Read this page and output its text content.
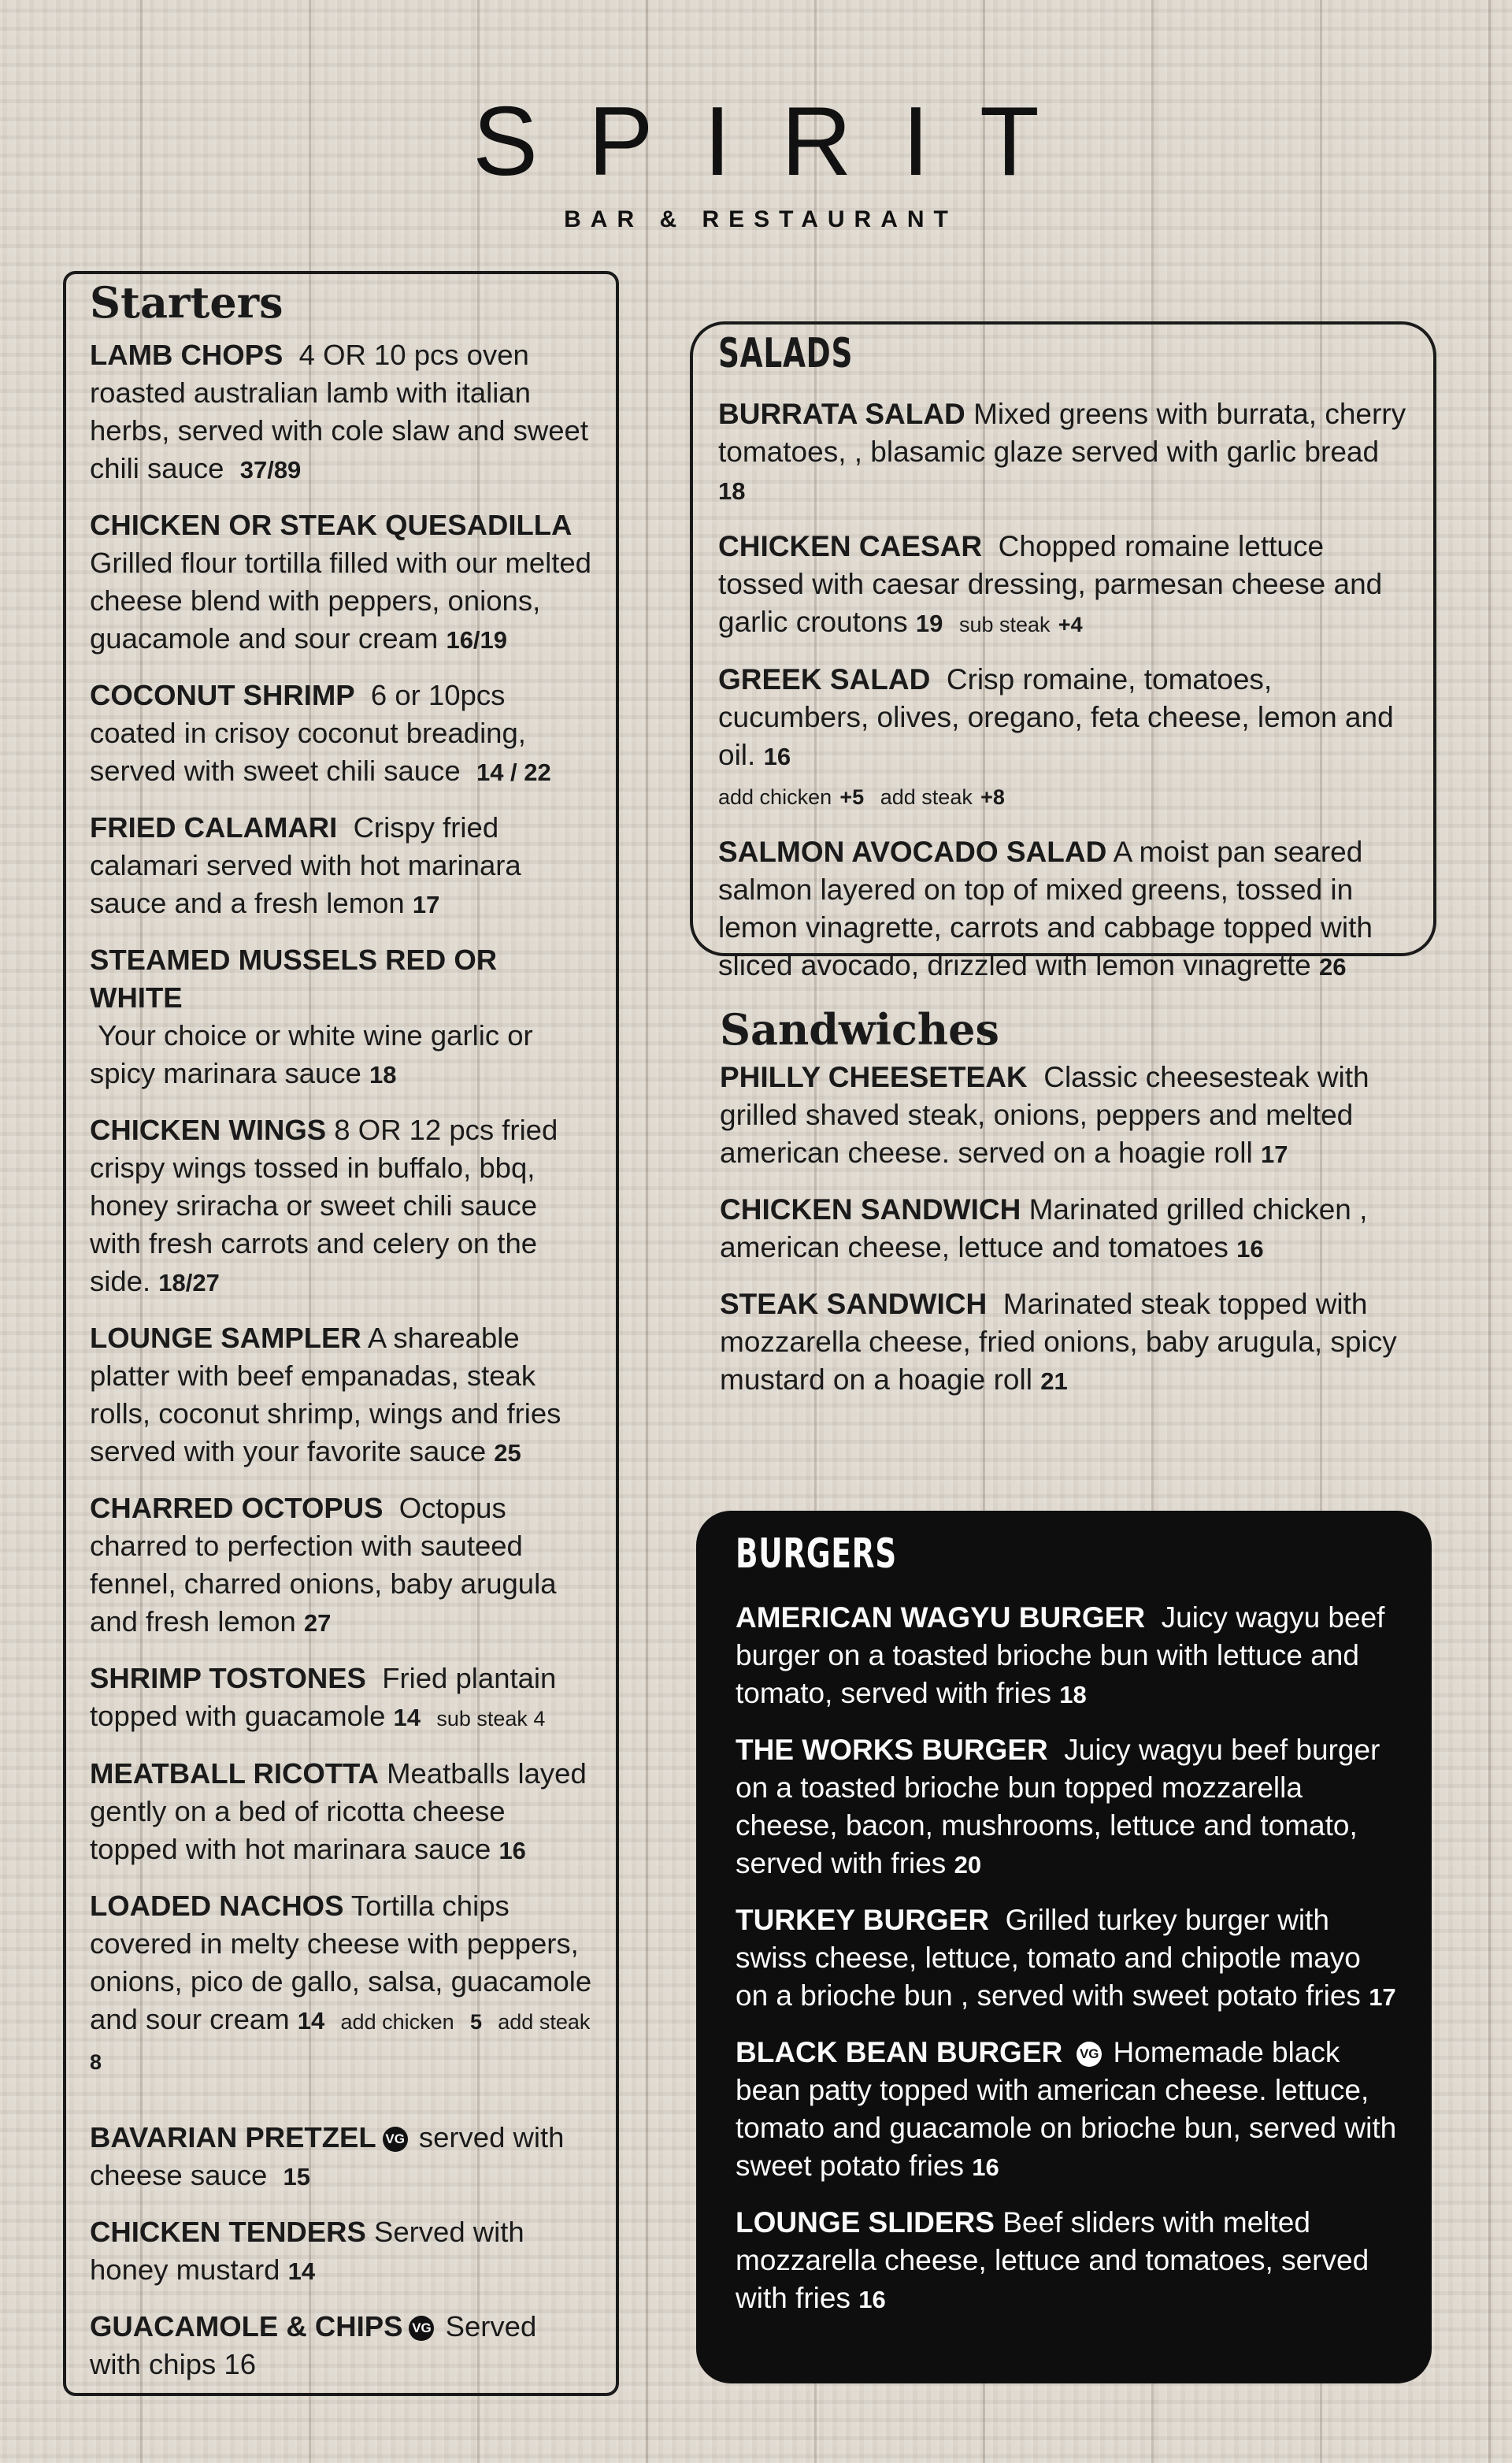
SPIRIT
BAR & RESTAURANT
Starters

LAMB CHOPS 4 OR 10 pcs oven roasted australian lamb with italian herbs, served with cole slaw and sweet chili sauce 37/89

CHICKEN OR STEAK QUESADILLA Grilled flour tortilla filled with our melted cheese blend with peppers, onions, guacamole and sour cream 16/19

COCONUT SHRIMP 6 or 10pcs coated in crisoy coconut breading, served with sweet chili sauce 14 / 22

FRIED CALAMARI Crispy fried calamari served with hot marinara sauce and a fresh lemon 17

STEAMED MUSSELS RED OR WHITE
Your choice or white wine garlic or spicy marinara sauce 18

CHICKEN WINGS 8 OR 12 pcs fried crispy wings tossed in buffalo, bbq, honey sriracha or sweet chili sauce with fresh carrots and celery on the side. 18/27

LOUNGE SAMPLER A shareable platter with beef empanadas, steak rolls, coconut shrimp, wings and fries served with your favorite sauce 25

CHARRED OCTOPUS Octopus charred to perfection with sauteed fennel, charred onions, baby arugula and fresh lemon 27

SHRIMP TOSTONES Fried plantain topped with guacamole 14 sub steak 4

MEATBALL RICOTTA Meatballs layed gently on a bed of ricotta cheese topped with hot marinara sauce 16

LOADED NACHOS Tortilla chips covered in melty cheese with peppers, onions, pico de gallo, salsa, guacamole and sour cream 14 add chicken 5 add steak 8

BAVARIAN PRETZEL VG served with cheese sauce 15

CHICKEN TENDERS Served with honey mustard 14

GUACAMOLE & CHIPS VG Served with chips 16

SALADS

BURRATA SALAD Mixed greens with burrata, cherry tomatoes, , blasamic glaze served with garlic bread 18

CHICKEN CAESAR Chopped romaine lettuce tossed with caesar dressing, parmesan cheese and garlic croutons 19 sub steak +4

GREEK SALAD Crisp romaine, tomatoes, cucumbers, olives, oregano, feta cheese, lemon and oil. 16
add chicken +5 add steak +8

SALMON AVOCADO SALAD A moist pan seared salmon layered on top of mixed greens, tossed in lemon vinagrette, carrots and cabbage topped with sliced avocado, drizzled with lemon vinagrette 26

Sandwiches

PHILLY CHEESETEAK Classic cheesesteak with grilled shaved steak, onions, peppers and melted american cheese. served on a hoagie roll 17

CHICKEN SANDWICH Marinated grilled chicken , american cheese, lettuce and tomatoes 16

STEAK SANDWICH Marinated steak topped with mozzarella cheese, fried onions, baby arugula, spicy mustard on a hoagie roll 21

BURGERS

AMERICAN WAGYU BURGER Juicy wagyu beef burger on a toasted brioche bun with lettuce and tomato, served with fries 18

THE WORKS BURGER Juicy wagyu beef burger on a toasted brioche bun topped mozzarella cheese, bacon, mushrooms, lettuce and tomato, served with fries 20

TURKEY BURGER Grilled turkey burger with swiss cheese, lettuce, tomato and chipotle mayo on a brioche bun , served with sweet potato fries 17

BLACK BEAN BURGER VG Homemade black bean patty topped with american cheese. lettuce, tomato and guacamole on brioche bun, served with sweet potato fries 16

LOUNGE SLIDERS Beef sliders with melted mozzarella cheese, lettuce and tomatoes, served with fries 16
